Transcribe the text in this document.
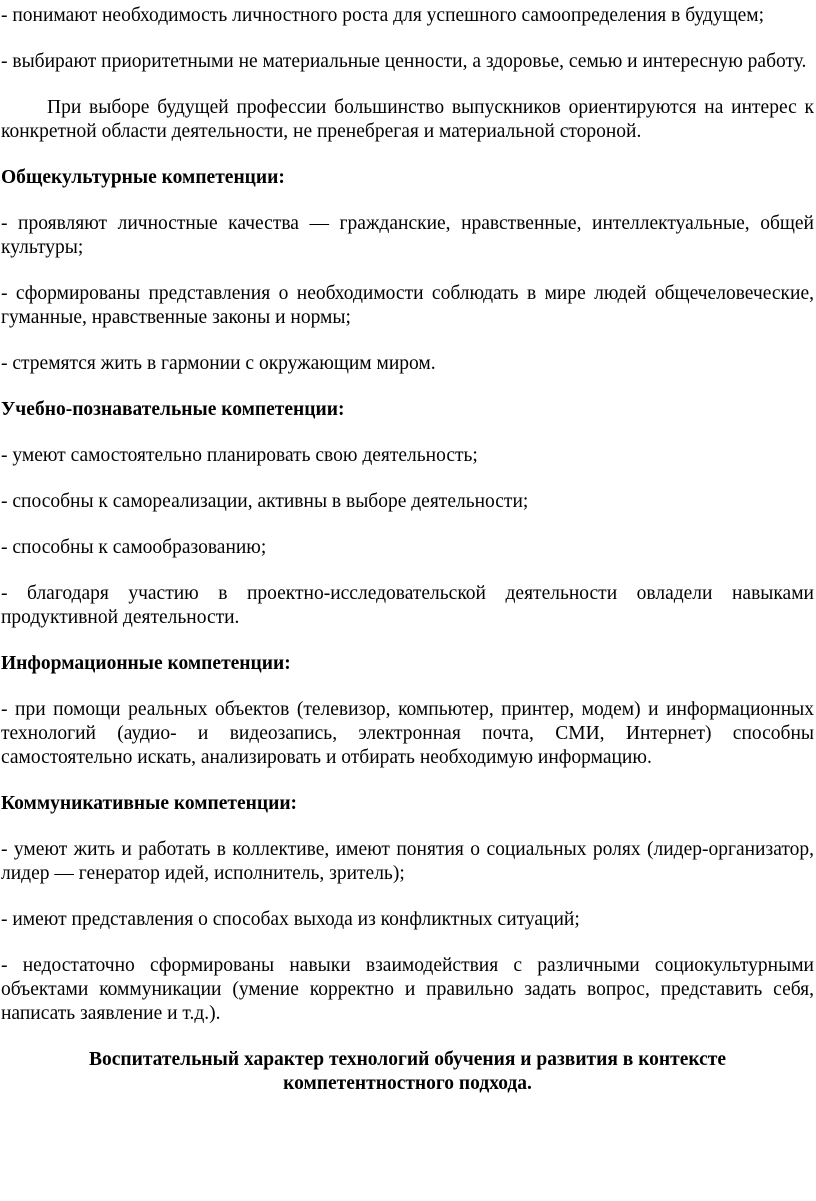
- понимают необходимость личностного роста для успешного самоопределения в будущем;

- выбирают приоритетными не материальные ценности, а здоровье, семью и интересную работу.

При выборе будущей профессии большинство выпускников ориентируются на интерес к конкретной области деятельности, не пренебрегая и материальной стороной.

Общекультурные компетенции:

- проявляют личностные качества — гражданские, нравственные, интеллектуальные, общей культуры;

- сформированы представления о необходимости соблюдать в мире людей общечеловеческие, гуманные, нравственные законы и нормы;

- стремятся жить в гармонии с окружающим миром.

Учебно-познавательные компетенции:

- умеют самостоятельно планировать свою деятельность;

- способны к самореализации, активны в выборе деятельности;

- способны к самообразованию;

- благодаря участию в проектно-исследовательской деятельности овладели навыками продуктивной деятельности.

Информационные компетенции:

- при помощи реальных объектов (телевизор, компьютер, принтер, модем) и информационных технологий (аудио- и видеозапись, электронная почта, СМИ, Интернет) способны самостоятельно искать, анализировать и отбирать необходимую информацию.

Коммуникативные компетенции:

- умеют жить и работать в коллективе, имеют понятия о социальных ролях (лидер-организатор, лидер — генератор идей, исполнитель, зритель);

- имеют представления о способах выхода из конфликтных ситуаций;

- недостаточно сформированы навыки взаимодействия с различными социокультурными объектами коммуникации (умение корректно и правильно задать вопрос, представить себя, написать заявление и т.д.).

Воспитательный характер технологий обучения и развития в контексте
компетентностного подхода.
